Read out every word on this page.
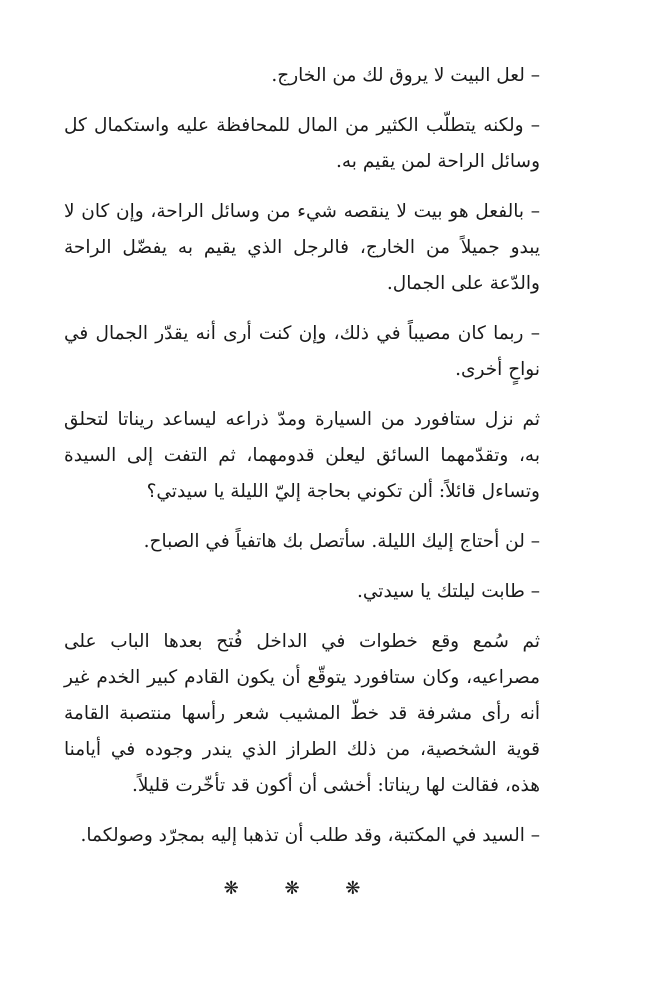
– لعل البيت لا يروق لك من الخارج.

– ولكنه يتطلّب الكثير من المال للمحافظة عليه واستكمال كل وسائل الراحة لمن يقيم به.

– بالفعل هو بيت لا ينقصه شيء من وسائل الراحة، وإن كان لا يبدو جميلاً من الخارج، فالرجل الذي يقيم به يفضّل الراحة والدّعة على الجمال.

– ربما كان مصيباً في ذلك، وإن كنت أرى أنه يقدّر الجمال في نواحٍ أخرى.

ثم نزل ستافورد من السيارة ومدّ ذراعه ليساعد ريناتا لتحلق به، وتقدّمهما السائق ليعلن قدومهما، ثم التفت إلى السيدة وتساءل قائلاً: ألن تكوني بحاجة إليّ الليلة يا سيدتي؟

– لن أحتاج إليك الليلة. سأتصل بك هاتفياً في الصباح.

– طابت ليلتك يا سيدتي.

ثم سُمع وقع خطوات في الداخل فُتح بعدها الباب على مصراعيه، وكان ستافورد يتوقّع أن يكون القادم كبير الخدم غير أنه رأى مشرفة قد خطّ المشيب شعر رأسها منتصبة القامة قوية الشخصية، من ذلك الطراز الذي يندر وجوده في أيامنا هذه، فقالت لها ريناتا: أخشى أن أكون قد تأخّرت قليلاً.

– السيد في المكتبة، وقد طلب أن تذهبا إليه بمجرّد وصولكما.

❋ ❋ ❋
